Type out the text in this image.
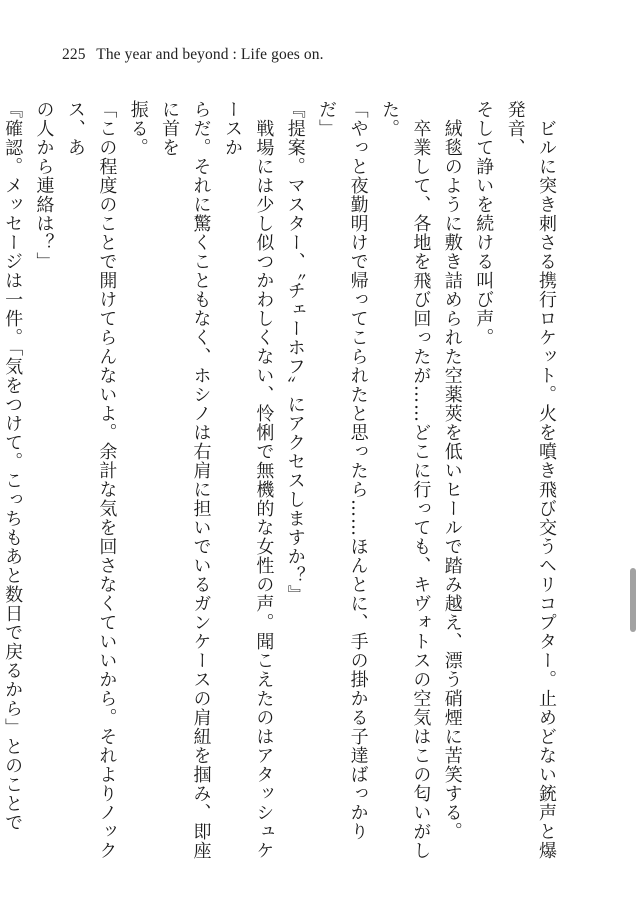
225 The year and beyond : Life goes on.

　ビルに突き刺さる携行ロケット。火を噴き飛び交うヘリコプター。止めどない銃声と爆発音、

そして諍いを続ける叫び声。

　絨毯のように敷き詰められた空薬莢を低いヒールで踏み越え、漂う硝煙に苦笑する。

　卒業して、各地を飛び回ったが……どこに行っても、キヴォトスの空気はこの匂いがした。

「やっと夜勤明けで帰ってこられたと思ったら……ほんとに、手の掛かる子達ばっかりだ」

『提案。マスター、〝チェーホフ〟にアクセスしますか？』

　戦場には少し似つかわしくない、怜悧で無機的な女性の声。聞こえたのはアタッシュケースか

らだ。それに驚くこともなく、ホシノは右肩に担いでいるガンケースの肩紐を掴み、即座に首を

振る。

「この程度のことで開けてらんないよ。余計な気を回さなくていいから。それよりノックス、あ

の人から連絡は？」

『確認。メッセージは一件。「気をつけて。こっちもあと数日で戻るから」とのことで
